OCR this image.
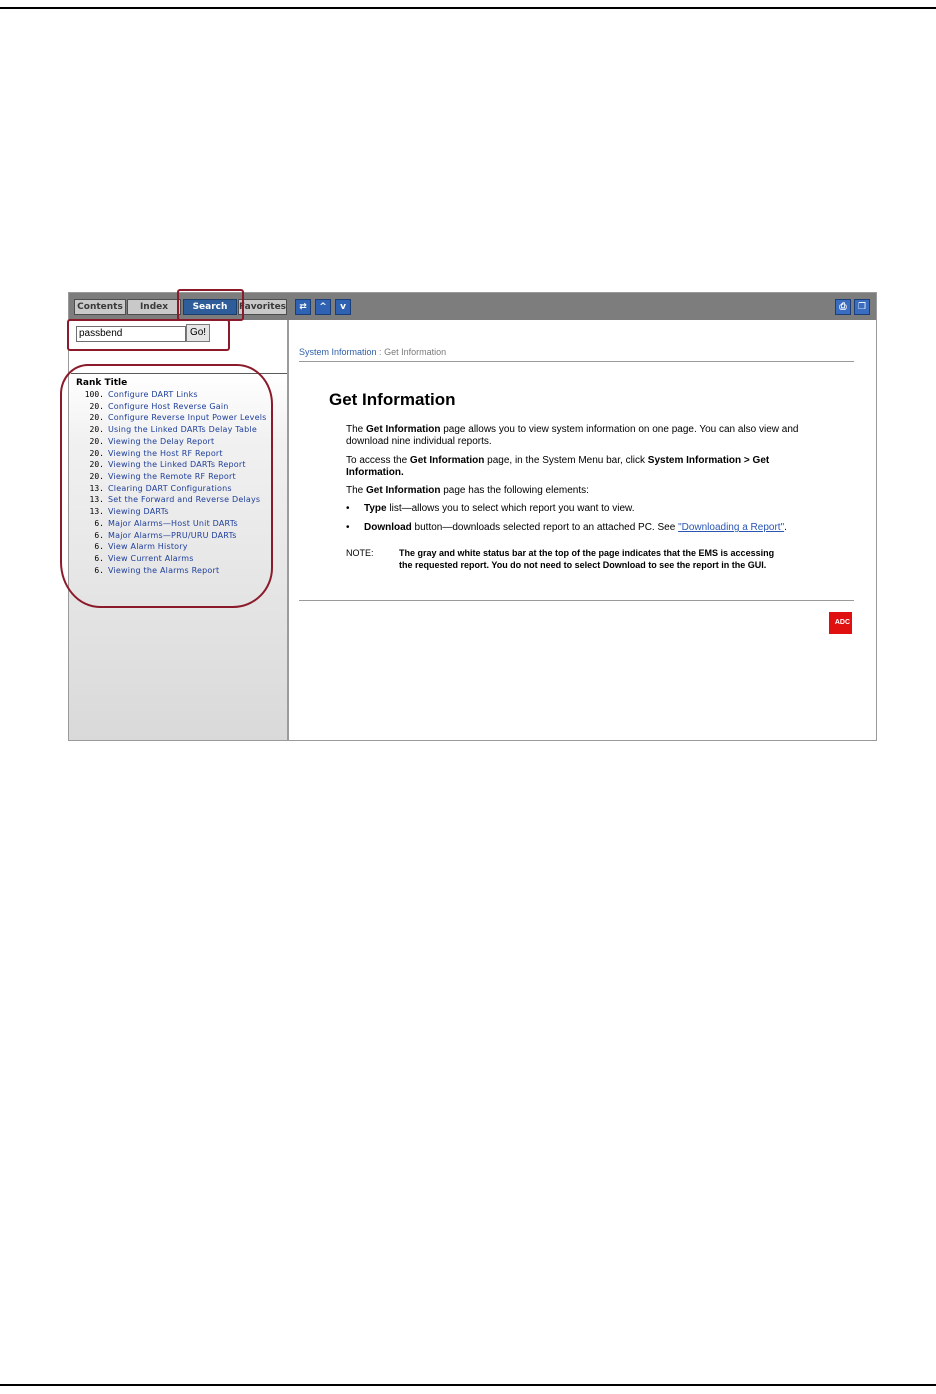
Contents	Index	Search	Favorites	⇄	^	v	⎙	❐
passbend	Go!
Rank Title
100. Configure DART Links
20. Configure Host Reverse Gain
20. Configure Reverse Input Power Levels
20. Using the Linked DARTs Delay Table
20. Viewing the Delay Report
20. Viewing the Host RF Report
20. Viewing the Linked DARTs Report
20. Viewing the Remote RF Report
13. Clearing DART Configurations
13. Set the Forward and Reverse Delays
13. Viewing DARTs
6. Major Alarms—Host Unit DARTs
6. Major Alarms—PRU/URU DARTs
6. View Alarm History
6. View Current Alarms
6. Viewing the Alarms Report
System Information : Get Information
Get Information
The Get Information page allows you to view system information on one page. You can also view and download nine individual reports.
To access the Get Information page, in the System Menu bar, click System Information > Get Information.
The Get Information page has the following elements:
• Type list—allows you to select which report you want to view.
• Download button—downloads selected report to an attached PC. See "Downloading a Report".
NOTE:	The gray and white status bar at the top of the page indicates that the EMS is accessing the requested report. You do not need to select Download to see the report in the GUI.
ADC
